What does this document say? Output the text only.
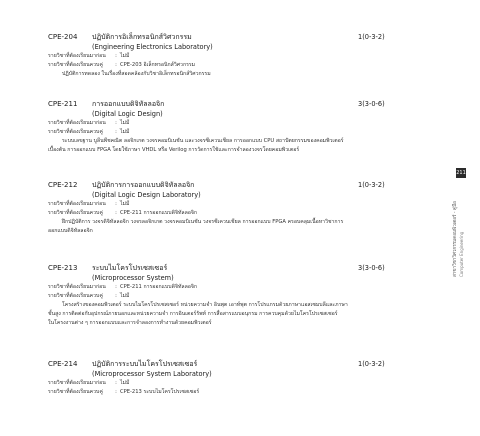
CPE-204 ปฏิบัติการอิเล็กทรอนิกส์วิศวกรรม	1(0-3-2)
(Engineering Electronics Laboratory)
รายวิชาที่ต้องเรียนมาก่อน : ไม่มี
รายวิชาที่ต้องเรียนควบคู่ : CPE-203 อิเล็กทรอนิกส์วิศวกรรม
ปฏิบัติการทดลอง ในเรื่องที่สอดคล้องกับวิชาอิเล็กทรอนิกส์วิศวกรรม
CPE-211 การออกแบบดิจิทัลลอจิก	3(3-0-6)
(Digital Logic Design)
รายวิชาที่ต้องเรียนมาก่อน : ไม่มี
รายวิชาที่ต้องเรียนควบคู่ : ไม่มี
ระบบเลขฐาน บูลีนพีชคณิต ลอจิกเกต วงจรคอมบิเนชัน และวงจรซีเควนเชียล การออกแบบ CPU สถาปัตยกรรมของคอมพิวเตอร์
เบื้องต้น การออกแบบ FPGA โดยใช้ภาษา VHDL หรือ Verilog การวัดการใช้และการจำลองวงจรโดยคอมพิวเตอร์
CPE-212 ปฏิบัติการการออกแบบดิจิทัลลอจิก	1(0-3-2)
(Digital Logic Design Laboratory)
รายวิชาที่ต้องเรียนมาก่อน : ไม่มี
รายวิชาที่ต้องเรียนควบคู่ : CPE-211 การออกแบบดิจิทัลลอจิก
ฝึกปฏิบัติการ วงจรดิจิทัลลอจิก วงจรลอจิกเกต วงจรคอมบิเนชัน วงจรซีเควนเชียล การออกแบบ FPGA ครอบคลุมเนื้อหาวิชาการ
ออกแบบดิจิทัลลอจิก
CPE-213 ระบบไมโครโปรเซสเซอร์	3(3-0-6)
(Microprocessor System)
รายวิชาที่ต้องเรียนมาก่อน : CPE-211 การออกแบบดิจิทัลลอจิก
รายวิชาที่ต้องเรียนควบคู่ : ไม่มี
โครงสร้างของคอมพิวเตอร์ ระบบไมโครโปรเซสเซอร์ หน่วยความจำ อินพุต เอาท์พุต การโปรแกรมด้วยภาษาแอสเซมบลีและภาษา
ชั้นสูง การติดต่อกับอุปกรณ์ภายนอกและหน่วยความจำ การอินเตอร์รัพท์ การสื่อสารแบบอนุกรม การควบคุมด้วยไมโครโปรเซสเซอร์
ในโครงงานต่าง ๆ การออกแบบและการจำลองการทำงานด้วยคอมพิวเตอร์
CPE-214 ปฏิบัติการระบบไมโครโปรเซสเซอร์	1(0-3-2)
(Microprocessor System Laboratory)
รายวิชาที่ต้องเรียนมาก่อน : ไม่มี
รายวิชาที่ต้องเรียนควบคู่ : CPE-213 ระบบไมโครโปรเซสเซอร์
211
สาขาวิชาวิศวกรรมคอมพิวเตอร์ - คู่มือ Computer Engineering
